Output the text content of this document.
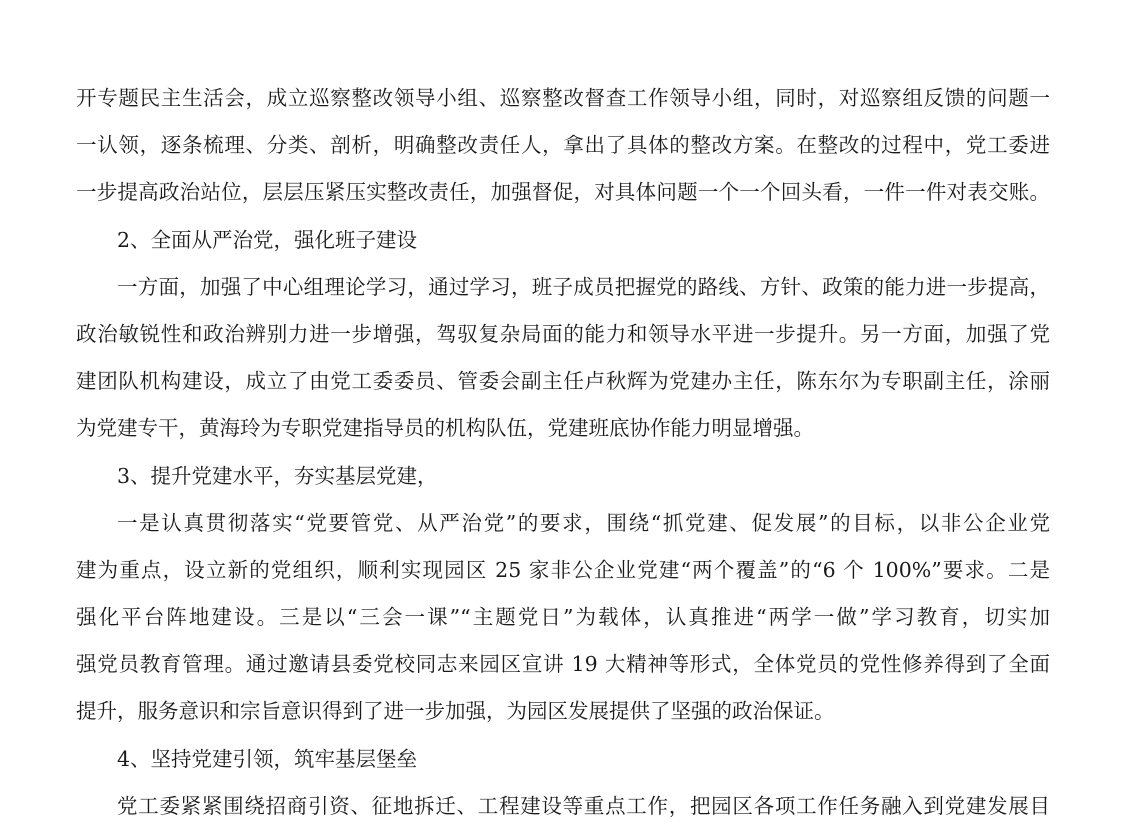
开专题民主生活会，成立巡察整改领导小组、巡察整改督查工作领导小组，同时，对巡察组反馈的问题一
一认领，逐条梳理、分类、剖析，明确整改责任人，拿出了具体的整改方案。在整改的过程中，党工委进
一步提高政治站位，层层压紧压实整改责任，加强督促，对具体问题一个一个回头看，一件一件对表交账。
2、全面从严治党，强化班子建设
一方面，加强了中心组理论学习，通过学习，班子成员把握党的路线、方针、政策的能力进一步提高，
政治敏锐性和政治辨别力进一步增强，驾驭复杂局面的能力和领导水平进一步提升。另一方面，加强了党
建团队机构建设，成立了由党工委委员、管委会副主任卢秋辉为党建办主任，陈东尔为专职副主任，涂丽
为党建专干，黄海玲为专职党建指导员的机构队伍，党建班底协作能力明显增强。
3、提升党建水平，夯实基层党建，
一是认真贯彻落实“党要管党、从严治党”的要求，围绕“抓党建、促发展”的目标，以非公企业党
建为重点，设立新的党组织，顺利实现园区 25 家非公企业党建“两个覆盖”的“6 个 100%”要求。二是
强化平台阵地建设。三是以“三会一课”“主题党日”为载体，认真推进“两学一做”学习教育，切实加
强党员教育管理。通过邀请县委党校同志来园区宣讲 19 大精神等形式，全体党员的党性修养得到了全面
提升，服务意识和宗旨意识得到了进一步加强，为园区发展提供了坚强的政治保证。
4、坚持党建引领，筑牢基层堡垒
党工委紧紧围绕招商引资、征地拆迁、工程建设等重点工作，把园区各项工作任务融入到党建发展目
